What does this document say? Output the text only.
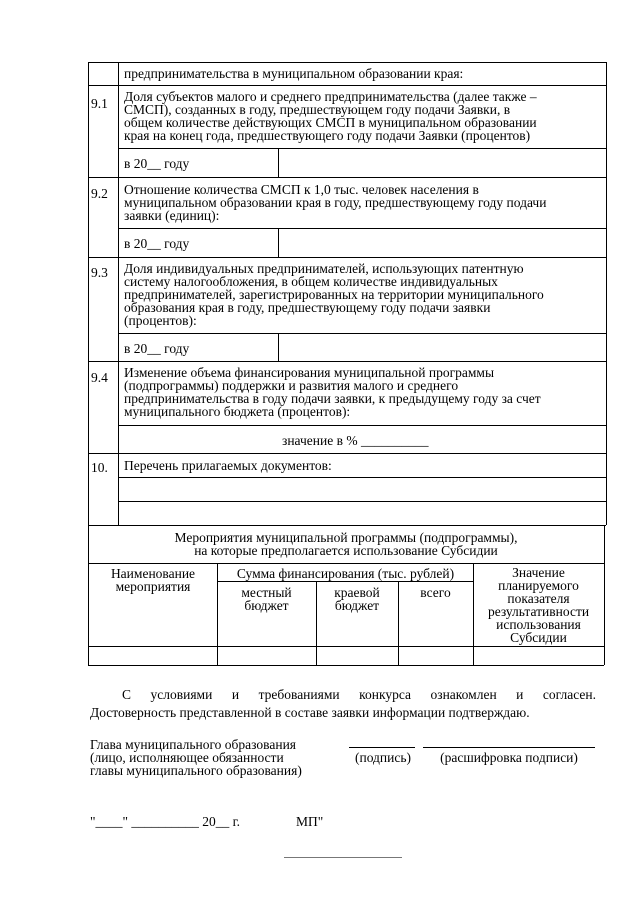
предпринимательства в муниципальном образовании края:
9.1 Доля субъектов малого и среднего предпринимательства (далее также –
СМСП), созданных в году, предшествующем году подачи Заявки, в
общем количестве действующих СМСП в муниципальном образовании
края на конец года, предшествующего году подачи Заявки (процентов)
в 20__ году
9.2 Отношение количества СМСП к 1,0 тыс. человек населения в
муниципальном образовании края в году, предшествующему году подачи
заявки (единиц):
в 20__ году
9.3 Доля индивидуальных предпринимателей, использующих патентную
систему налогообложения, в общем количестве индивидуальных
предпринимателей, зарегистрированных на территории муниципального
образования края в году, предшествующему году подачи заявки
(процентов):
в 20__ году
9.4 Изменение объема финансирования муниципальной программы
(подпрограммы) поддержки и развития малого и среднего
предпринимательства в году подачи заявки, к предыдущему году за счет
муниципального бюджета (процентов):
значение в % __________
10. Перечень прилагаемых документов:
Мероприятия муниципальной программы (подпрограммы),
на которые предполагается использование Субсидии
Наименование
мероприятия
Сумма финансирования (тыс. рублей)
местный
бюджет
краевой
бюджет
всего
Значение
планируемого
показателя
результативности
использования
Субсидии
С условиями и требованиями конкурса ознакомлен и согласен.
Достоверность представленной в составе заявки информации подтверждаю.
Глава муниципального образования
(лицо, исполняющее обязанности
главы муниципального образования)
(подпись)	(расшифровка подписи)
"____" __________ 20__ г.	МП"
